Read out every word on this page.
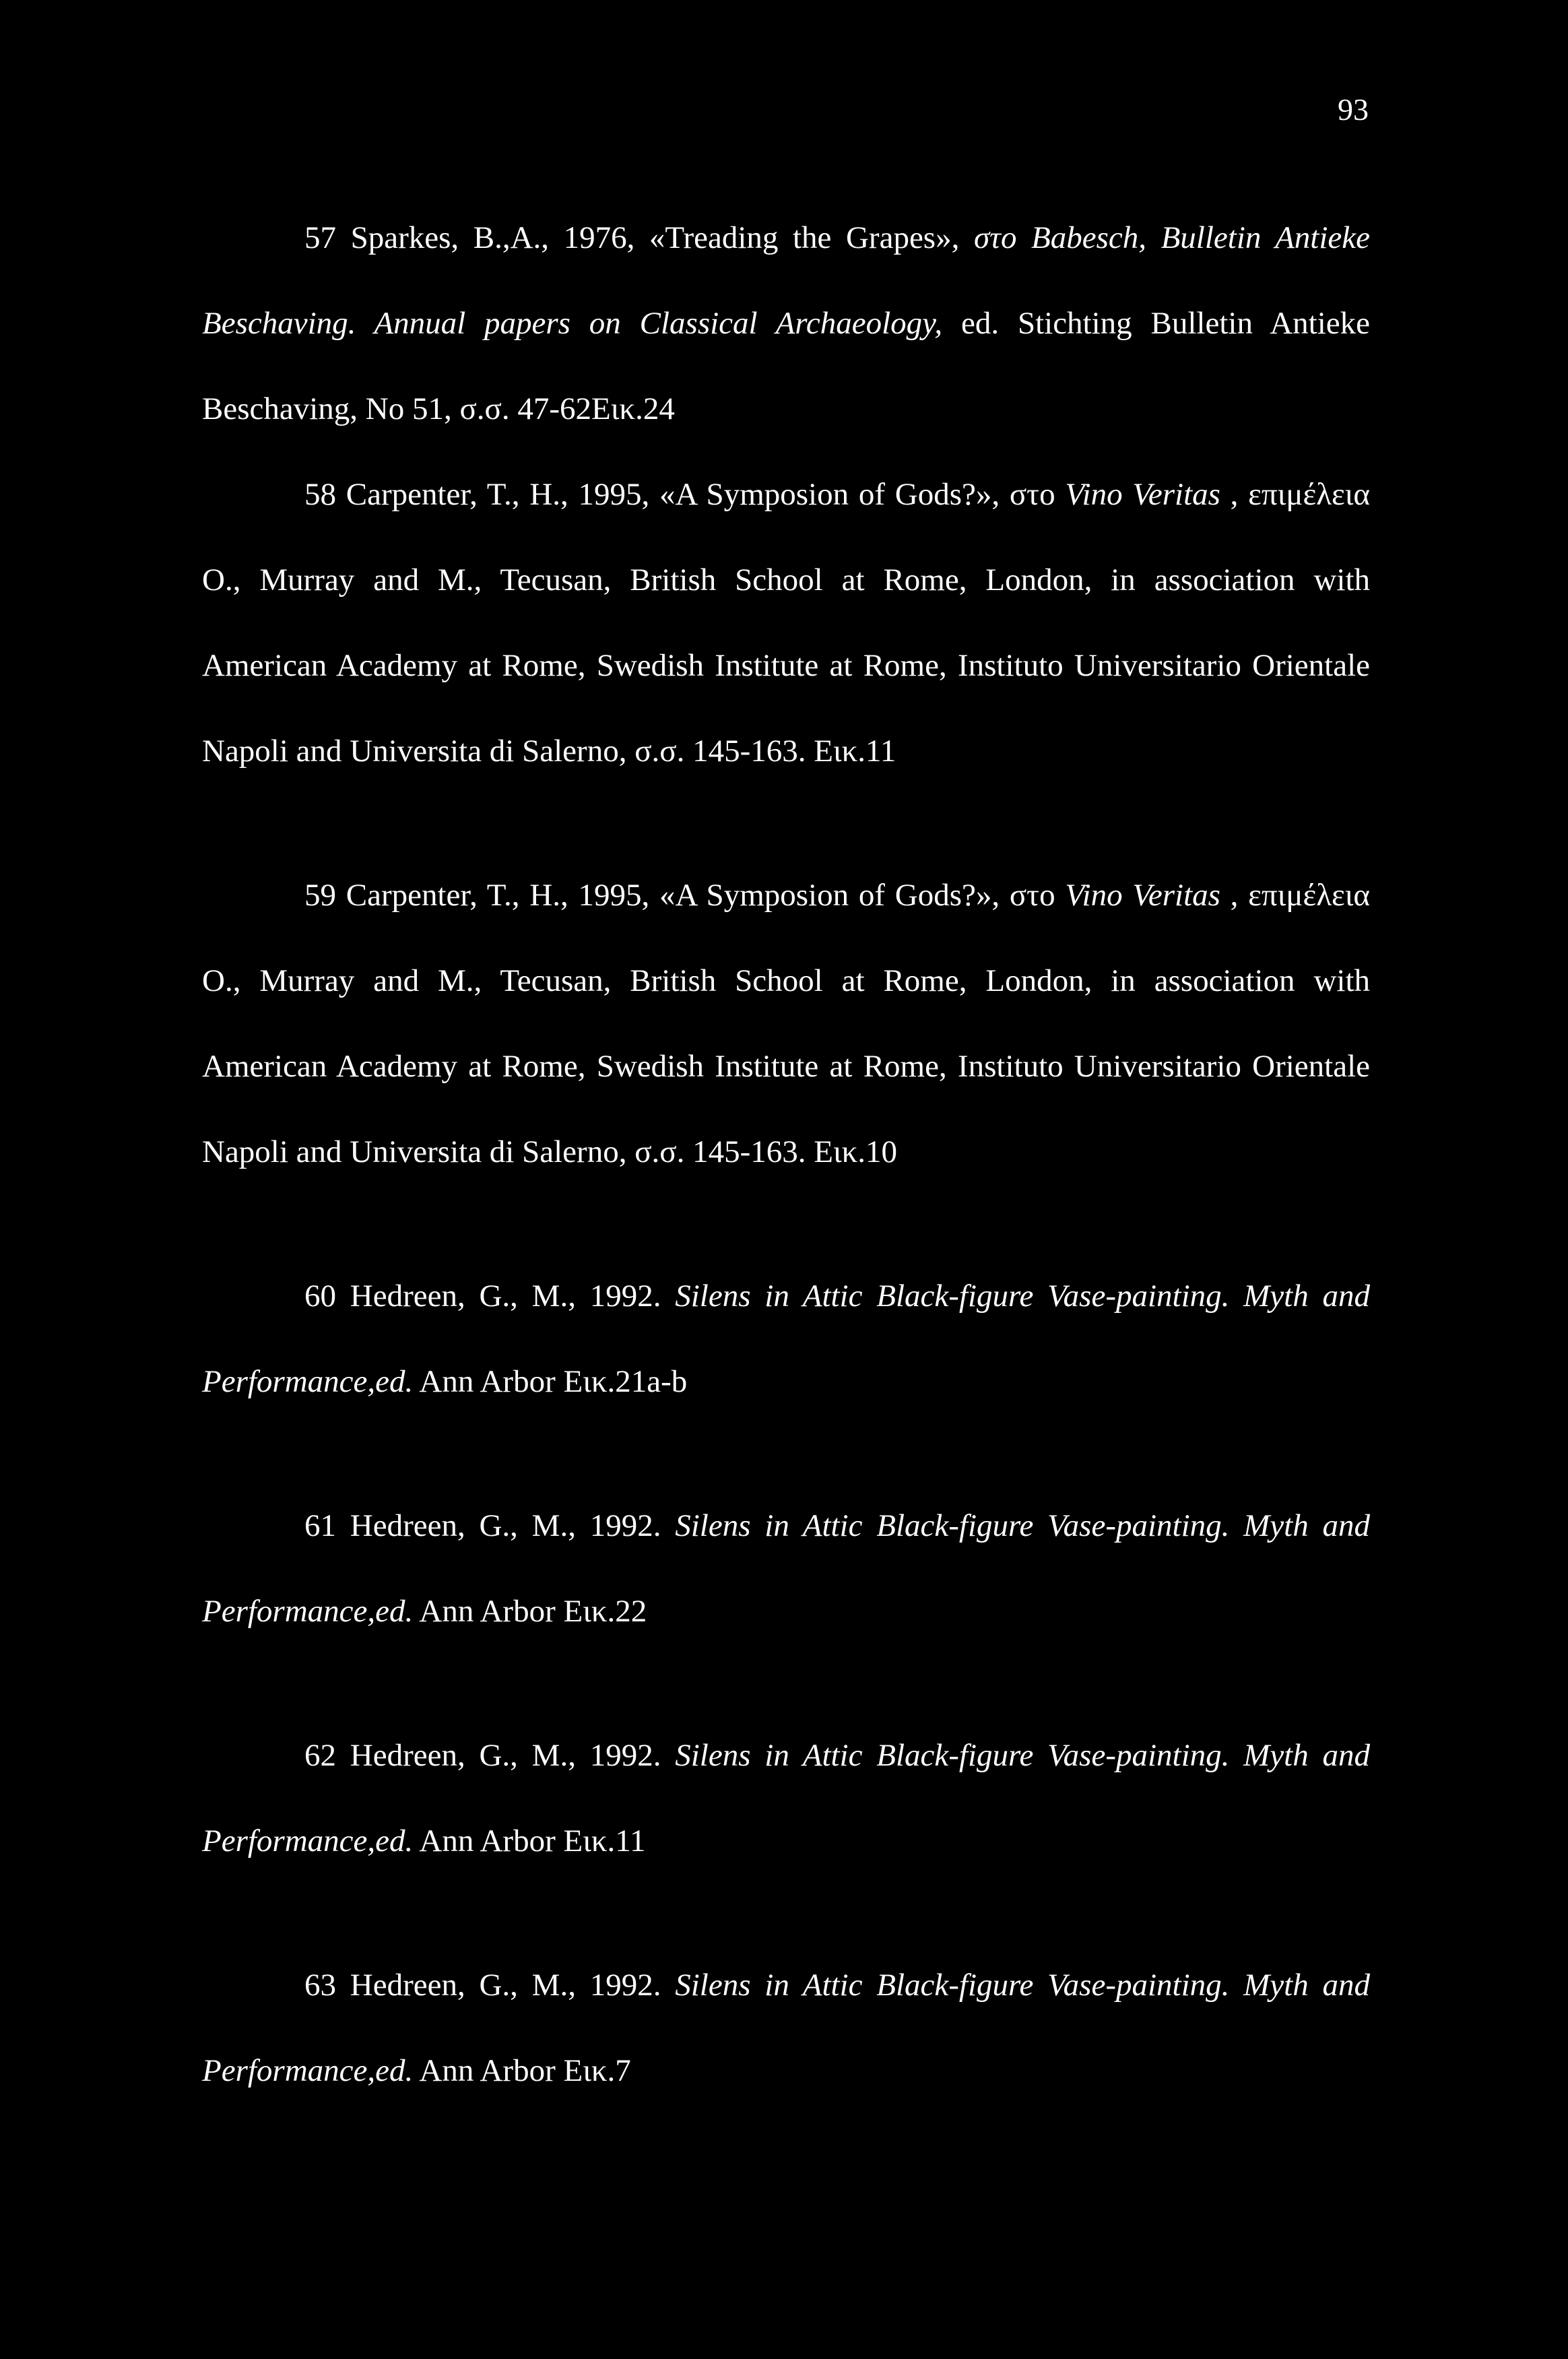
93

57 Sparkes, B.,A., 1976, «Treading the Grapes», στο Babesch, Bulletin Antieke Beschaving. Annual papers on Classical Archaeology, ed. Stichting Bulletin Antieke Beschaving, No 51, σ.σ. 47-62Εικ.24

58 Carpenter, T., H., 1995, «A Symposion of Gods?», στο Vino Veritas , επιμέλεια O., Murray and M., Tecusan, British School at Rome, London, in association with American Academy at Rome, Swedish Institute at Rome, Instituto Universitario Orientale Napoli and Universita di Salerno, σ.σ. 145-163. Εικ.11

59 Carpenter, T., H., 1995, «A Symposion of Gods?», στο Vino Veritas , επιμέλεια O., Murray and M., Tecusan, British School at Rome, London, in association with American Academy at Rome, Swedish Institute at Rome, Instituto Universitario Orientale Napoli and Universita di Salerno, σ.σ. 145-163. Εικ.10

60 Hedreen, G., M., 1992. Silens in Attic Black-figure Vase-painting. Myth and Performance,ed. Ann Arbor Εικ.21a-b

61 Hedreen, G., M., 1992. Silens in Attic Black-figure Vase-painting. Myth and Performance,ed. Ann Arbor Εικ.22

62 Hedreen, G., M., 1992. Silens in Attic Black-figure Vase-painting. Myth and Performance,ed. Ann Arbor Εικ.11

63 Hedreen, G., M., 1992. Silens in Attic Black-figure Vase-painting. Myth and Performance,ed. Ann Arbor Εικ.7
